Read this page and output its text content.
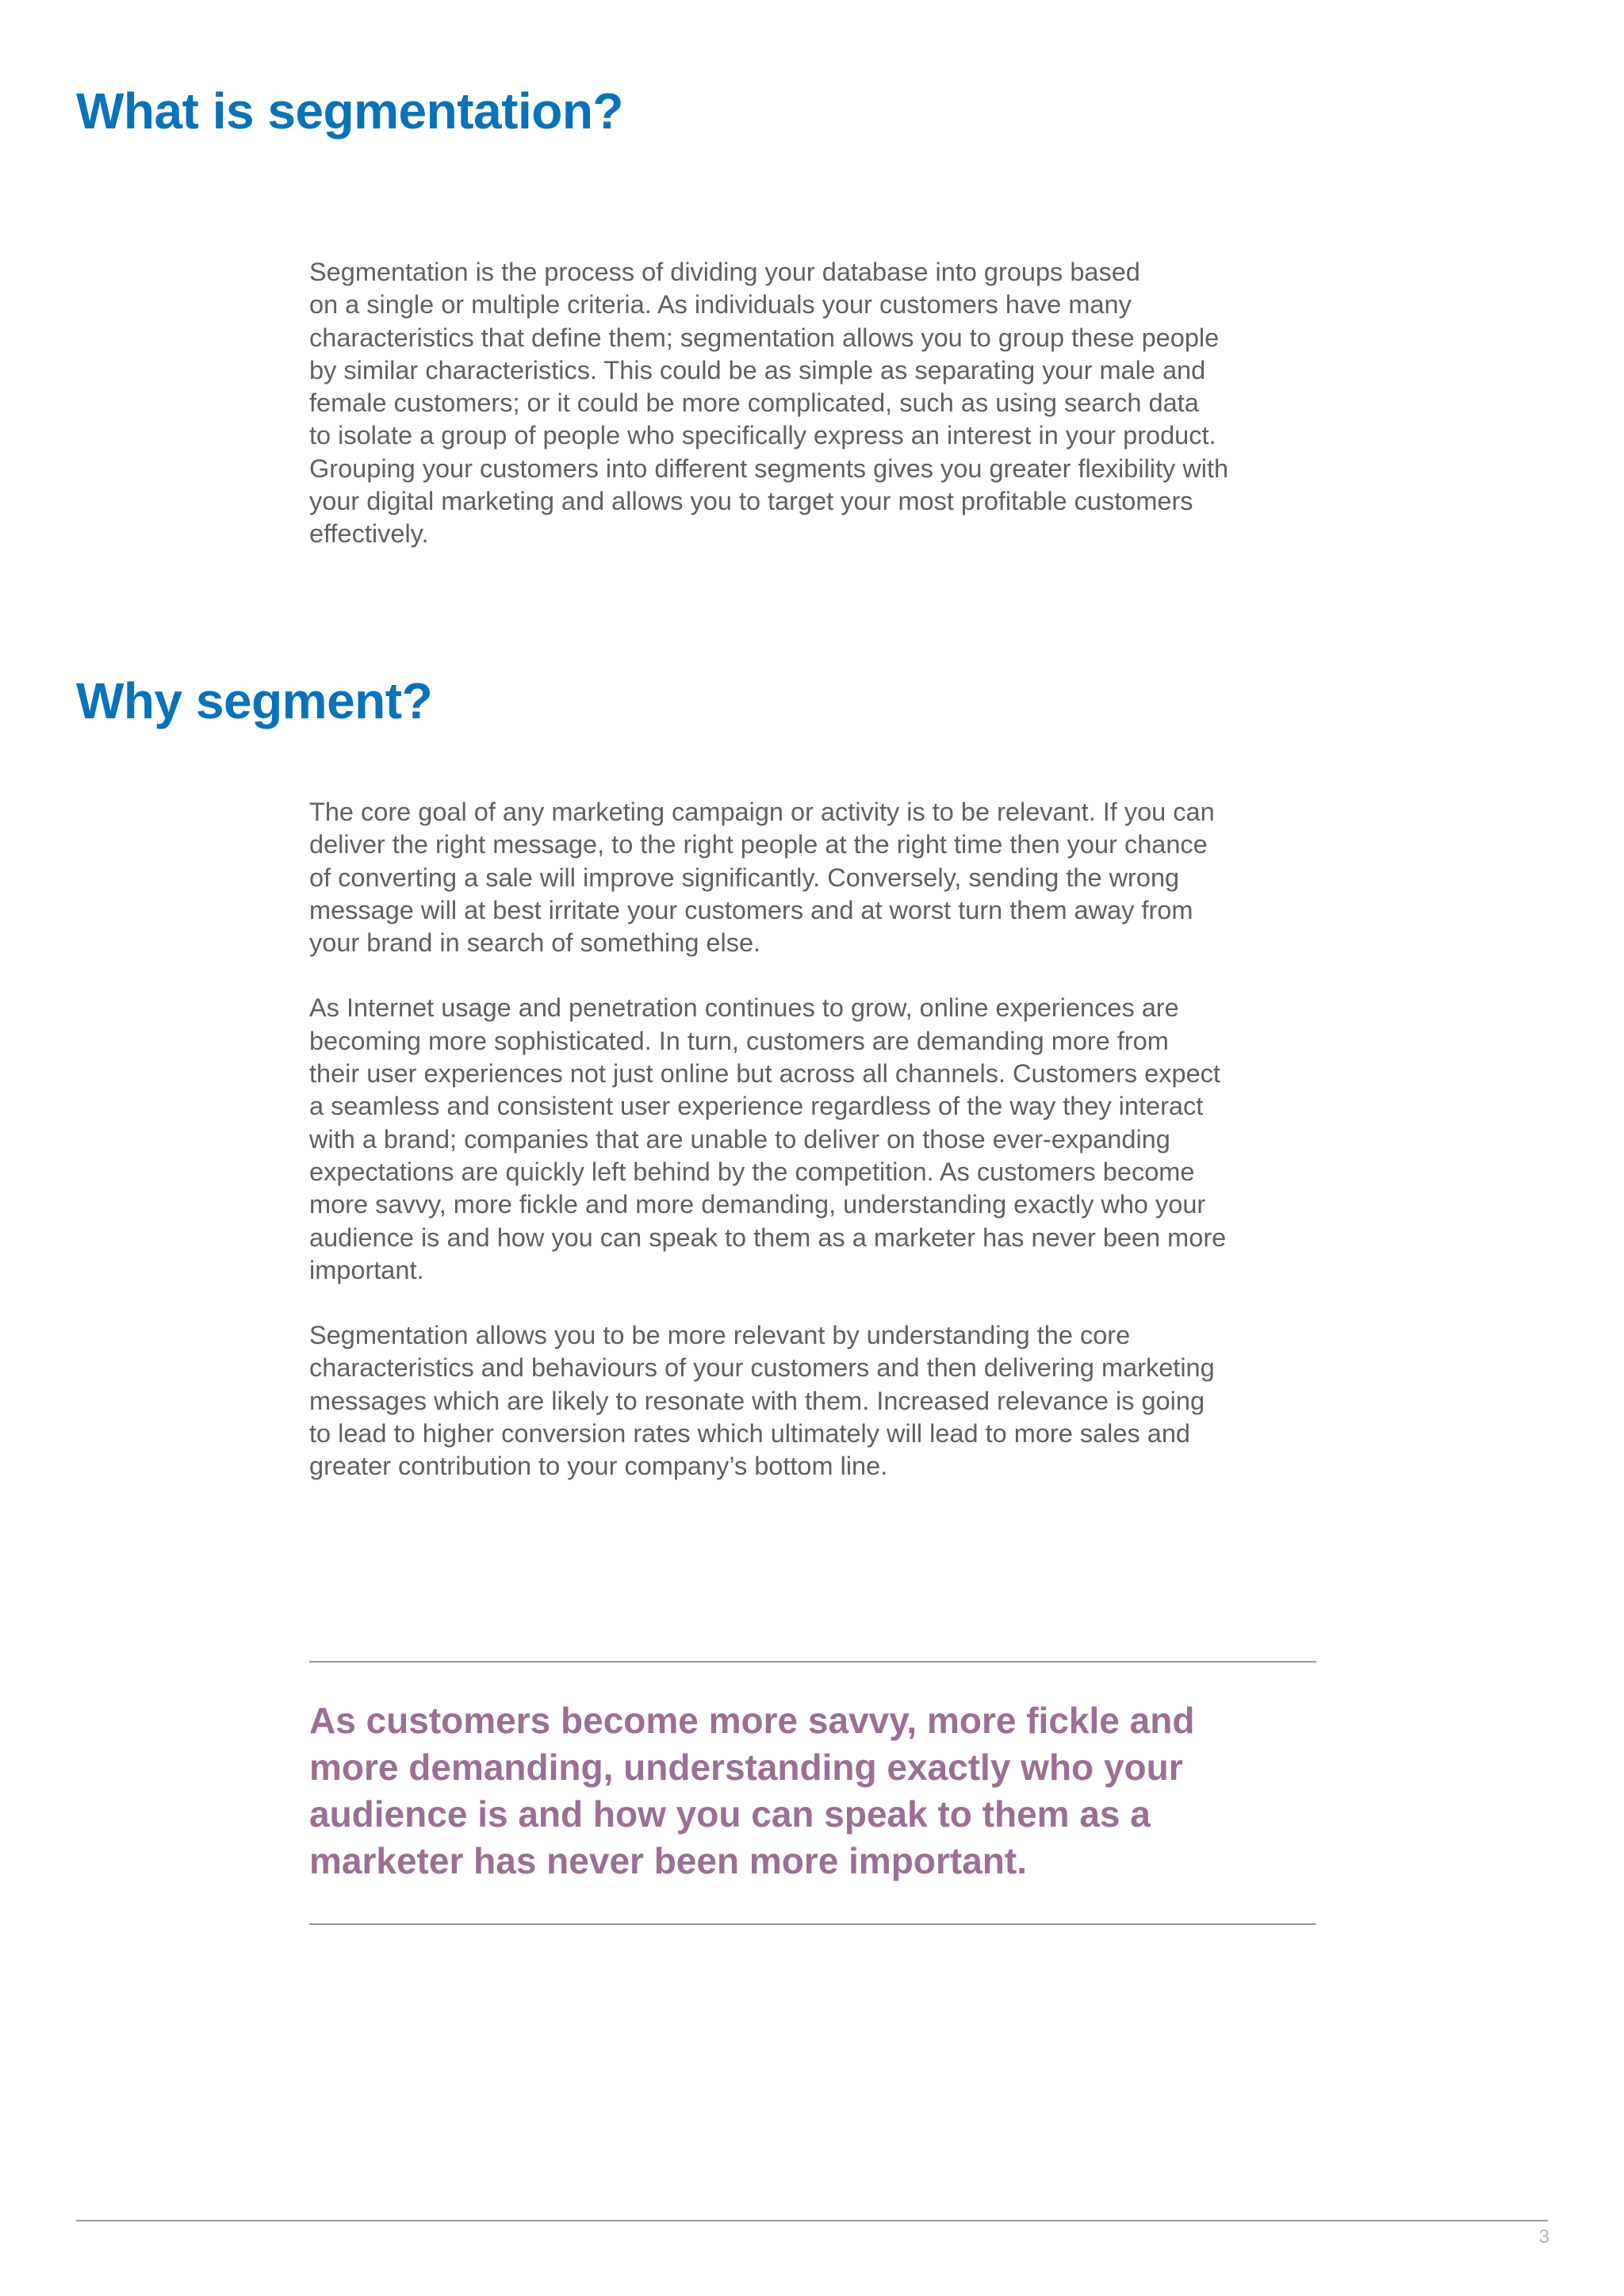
What is segmentation?

Segmentation is the process of dividing your database into groups based
on a single or multiple criteria. As individuals your customers have many
characteristics that define them; segmentation allows you to group these people
by similar characteristics. This could be as simple as separating your male and
female customers; or it could be more complicated, such as using search data
to isolate a group of people who specifically express an interest in your product.
Grouping your customers into different segments gives you greater flexibility with
your digital marketing and allows you to target your most profitable customers
effectively.

Why segment?

The core goal of any marketing campaign or activity is to be relevant. If you can
deliver the right message, to the right people at the right time then your chance
of converting a sale will improve significantly. Conversely, sending the wrong
message will at best irritate your customers and at worst turn them away from
your brand in search of something else.

As Internet usage and penetration continues to grow, online experiences are
becoming more sophisticated. In turn, customers are demanding more from
their user experiences not just online but across all channels. Customers expect
a seamless and consistent user experience regardless of the way they interact
with a brand; companies that are unable to deliver on those ever-expanding
expectations are quickly left behind by the competition. As customers become
more savvy, more fickle and more demanding, understanding exactly who your
audience is and how you can speak to them as a marketer has never been more
important.

Segmentation allows you to be more relevant by understanding the core
characteristics and behaviours of your customers and then delivering marketing
messages which are likely to resonate with them. Increased relevance is going
to lead to higher conversion rates which ultimately will lead to more sales and
greater contribution to your company’s bottom line.

As customers become more savvy, more fickle and
more demanding, understanding exactly who your
audience is and how you can speak to them as a
marketer has never been more important.

3
